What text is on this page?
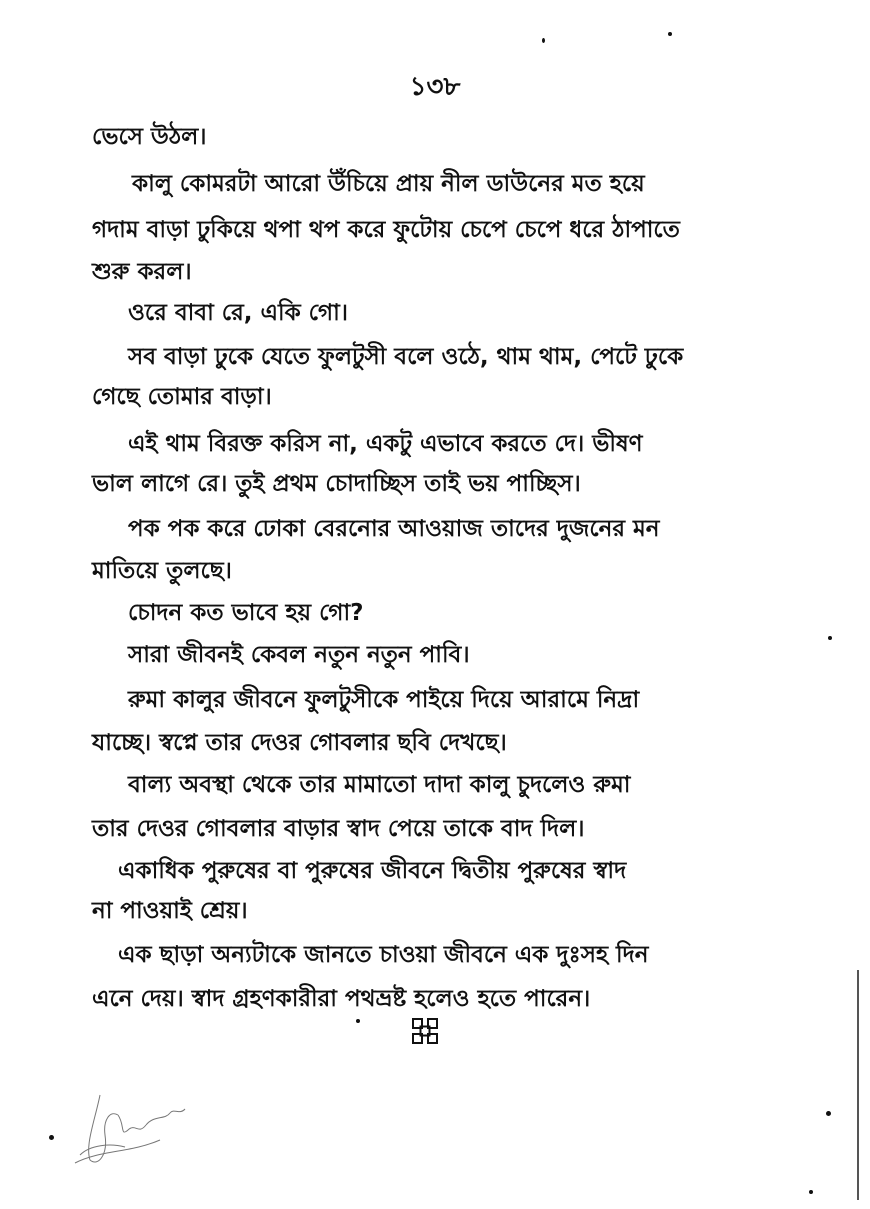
১৩৮
ভেসে উঠল।
কালু কোমরটা আরো উঁচিয়ে প্রায় নীল ডাউনের মত হয়ে
গদাম বাড়া ঢুকিয়ে থপা থপ করে ফুটোয় চেপে চেপে ধরে ঠাপাতে
শুরু করল।
ওরে বাবা রে, একি গো।
সব বাড়া ঢুকে যেতে ফুলটুসী বলে ওঠে, থাম থাম, পেটে ঢুকে
গেছে তোমার বাড়া।
এই থাম বিরক্ত করিস না, একটু এভাবে করতে দে। ভীষণ
ভাল লাগে রে। তুই প্রথম চোদাচ্ছিস তাই ভয় পাচ্ছিস।
পক পক করে ঢোকা বেরনোর আওয়াজ তাদের দুজনের মন
মাতিয়ে তুলছে।
চোদন কত ভাবে হয় গো?
সারা জীবনই কেবল নতুন নতুন পাবি।
রুমা কালুর জীবনে ফুলটুসীকে পাইয়ে দিয়ে আরামে নিদ্রা
যাচ্ছে। স্বপ্নে তার দেওর গোবলার ছবি দেখছে।
বাল্য অবস্থা থেকে তার মামাতো দাদা কালু চুদলেও রুমা
তার দেওর গোবলার বাড়ার স্বাদ পেয়ে তাকে বাদ দিল।
একাধিক পুরুষের বা পুরুষের জীবনে দ্বিতীয় পুরুষের স্বাদ
না পাওয়াই শ্রেয়।
এক ছাড়া অন্যটাকে জানতে চাওয়া জীবনে এক দুঃসহ দিন
এনে দেয়। স্বাদ গ্রহণকারীরা পথভ্রষ্ট হলেও হতে পারেন।
